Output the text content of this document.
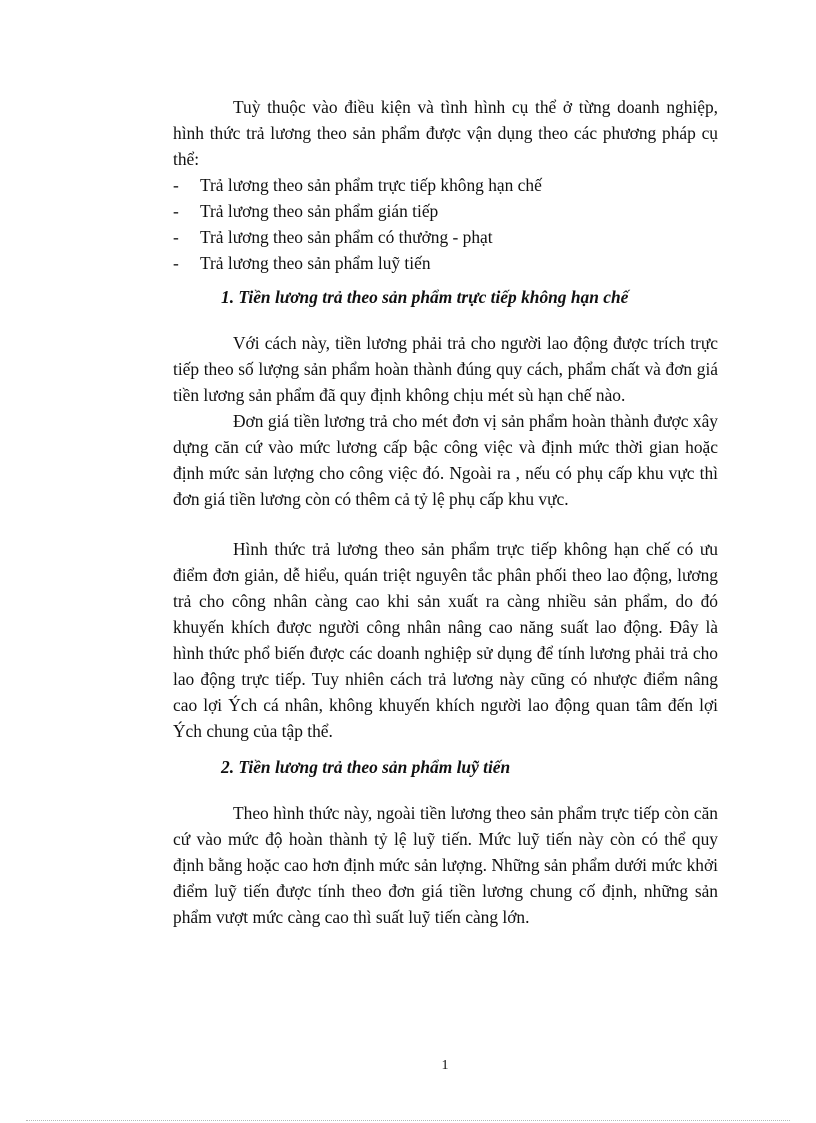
Tuỳ thuộc vào điều kiện và tình hình cụ thể ở từng doanh nghiệp, hình thức trả lương theo sản phẩm được vận dụng theo các phương pháp cụ thể:

- Trả lương theo sản phẩm trực tiếp không hạn chế
- Trả lương theo sản phẩm gián tiếp
- Trả lương theo sản phẩm có thưởng - phạt
- Trả lương theo sản phẩm luỹ tiến
1. Tiền lương trả theo sản phẩm trực tiếp không hạn chế

Với cách này, tiền lương phải trả cho người lao động được trích trực tiếp theo số lượng sản phẩm hoàn thành đúng quy cách, phẩm chất và đơn giá tiền lương sản phẩm đã quy định không chịu mét sù hạn chế nào.

Đơn giá tiền lương trả cho mét đơn vị sản phẩm hoàn thành được xây dựng căn cứ vào mức lương cấp bậc công việc và định mức thời gian hoặc định mức sản lượng cho công việc đó. Ngoài ra , nếu có phụ cấp khu vực thì đơn giá tiền lương còn có thêm cả tỷ lệ phụ cấp khu vực.

Hình thức trả lương theo sản phẩm trực tiếp không hạn chế có ưu điểm đơn giản, dễ hiểu, quán triệt nguyên tắc phân phối theo lao động, lương trả cho công nhân càng cao khi sản xuất ra càng nhiều sản phẩm, do đó khuyến khích được người công nhân nâng cao năng suất lao động. Đây là hình thức phổ biến được các doanh nghiệp sử dụng để tính lương phải trả cho lao động trực tiếp. Tuy nhiên cách trả lương này cũng có nhược điểm nâng cao lợi Ých cá nhân, không khuyến khích người lao động quan tâm đến lợi Ých chung của tập thể.

2. Tiền lương trả theo sản phẩm luỹ tiến

Theo hình thức này, ngoài tiền lương theo sản phẩm trực tiếp còn căn cứ vào mức độ hoàn thành tỷ lệ luỹ tiến. Mức luỹ tiến này còn có thể quy định bằng hoặc cao hơn định mức sản lượng. Những sản phẩm dưới mức khởi điểm luỹ tiến được tính theo đơn giá tiền lương chung cố định, những sản phẩm vượt mức càng cao thì suất luỹ tiến càng lớn.

1
